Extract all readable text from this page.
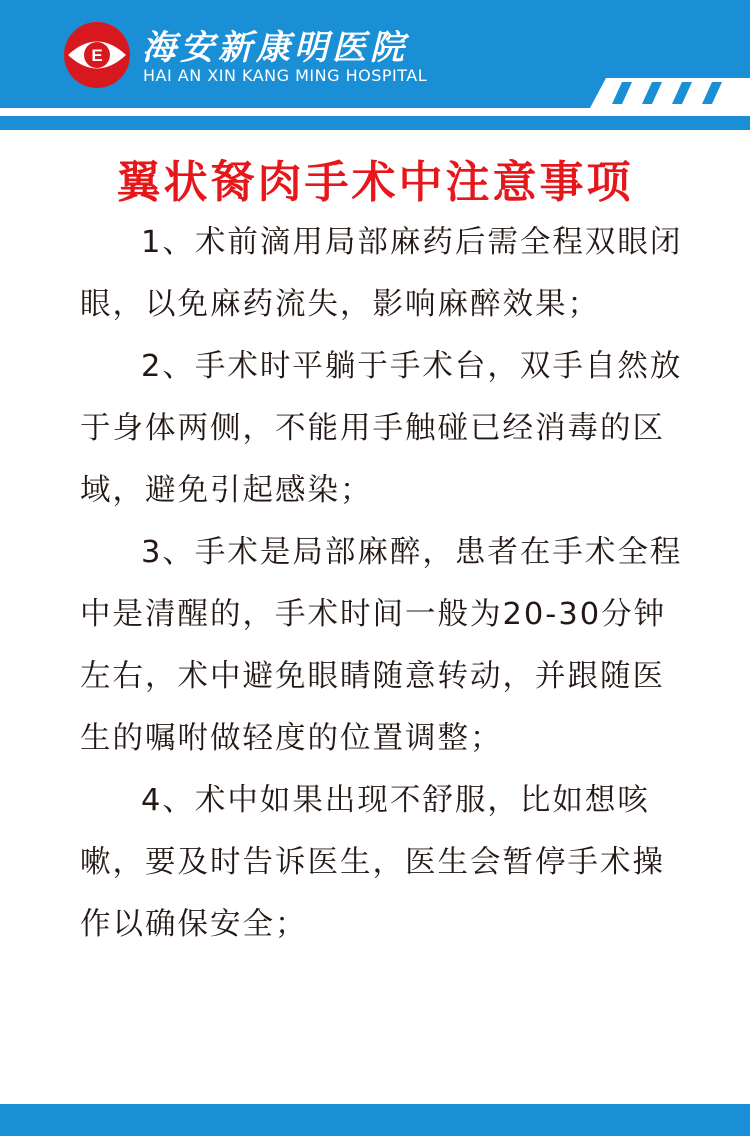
E 海安新康明医院
HAI AN XIN KANG MING HOSPITAL
翼状胬肉手术中注意事项

1、术前滴用局部麻药后需全程双眼闭眼，以免麻药流失，影响麻醉效果；

2、手术时平躺于手术台，双手自然放于身体两侧，不能用手触碰已经消毒的区域，避免引起感染；

3、手术是局部麻醉，患者在手术全程中是清醒的，手术时间一般为20-30分钟左右，术中避免眼睛随意转动，并跟随医生的嘱咐做轻度的位置调整；

4、术中如果出现不舒服，比如想咳嗽，要及时告诉医生，医生会暂停手术操作以确保安全；
